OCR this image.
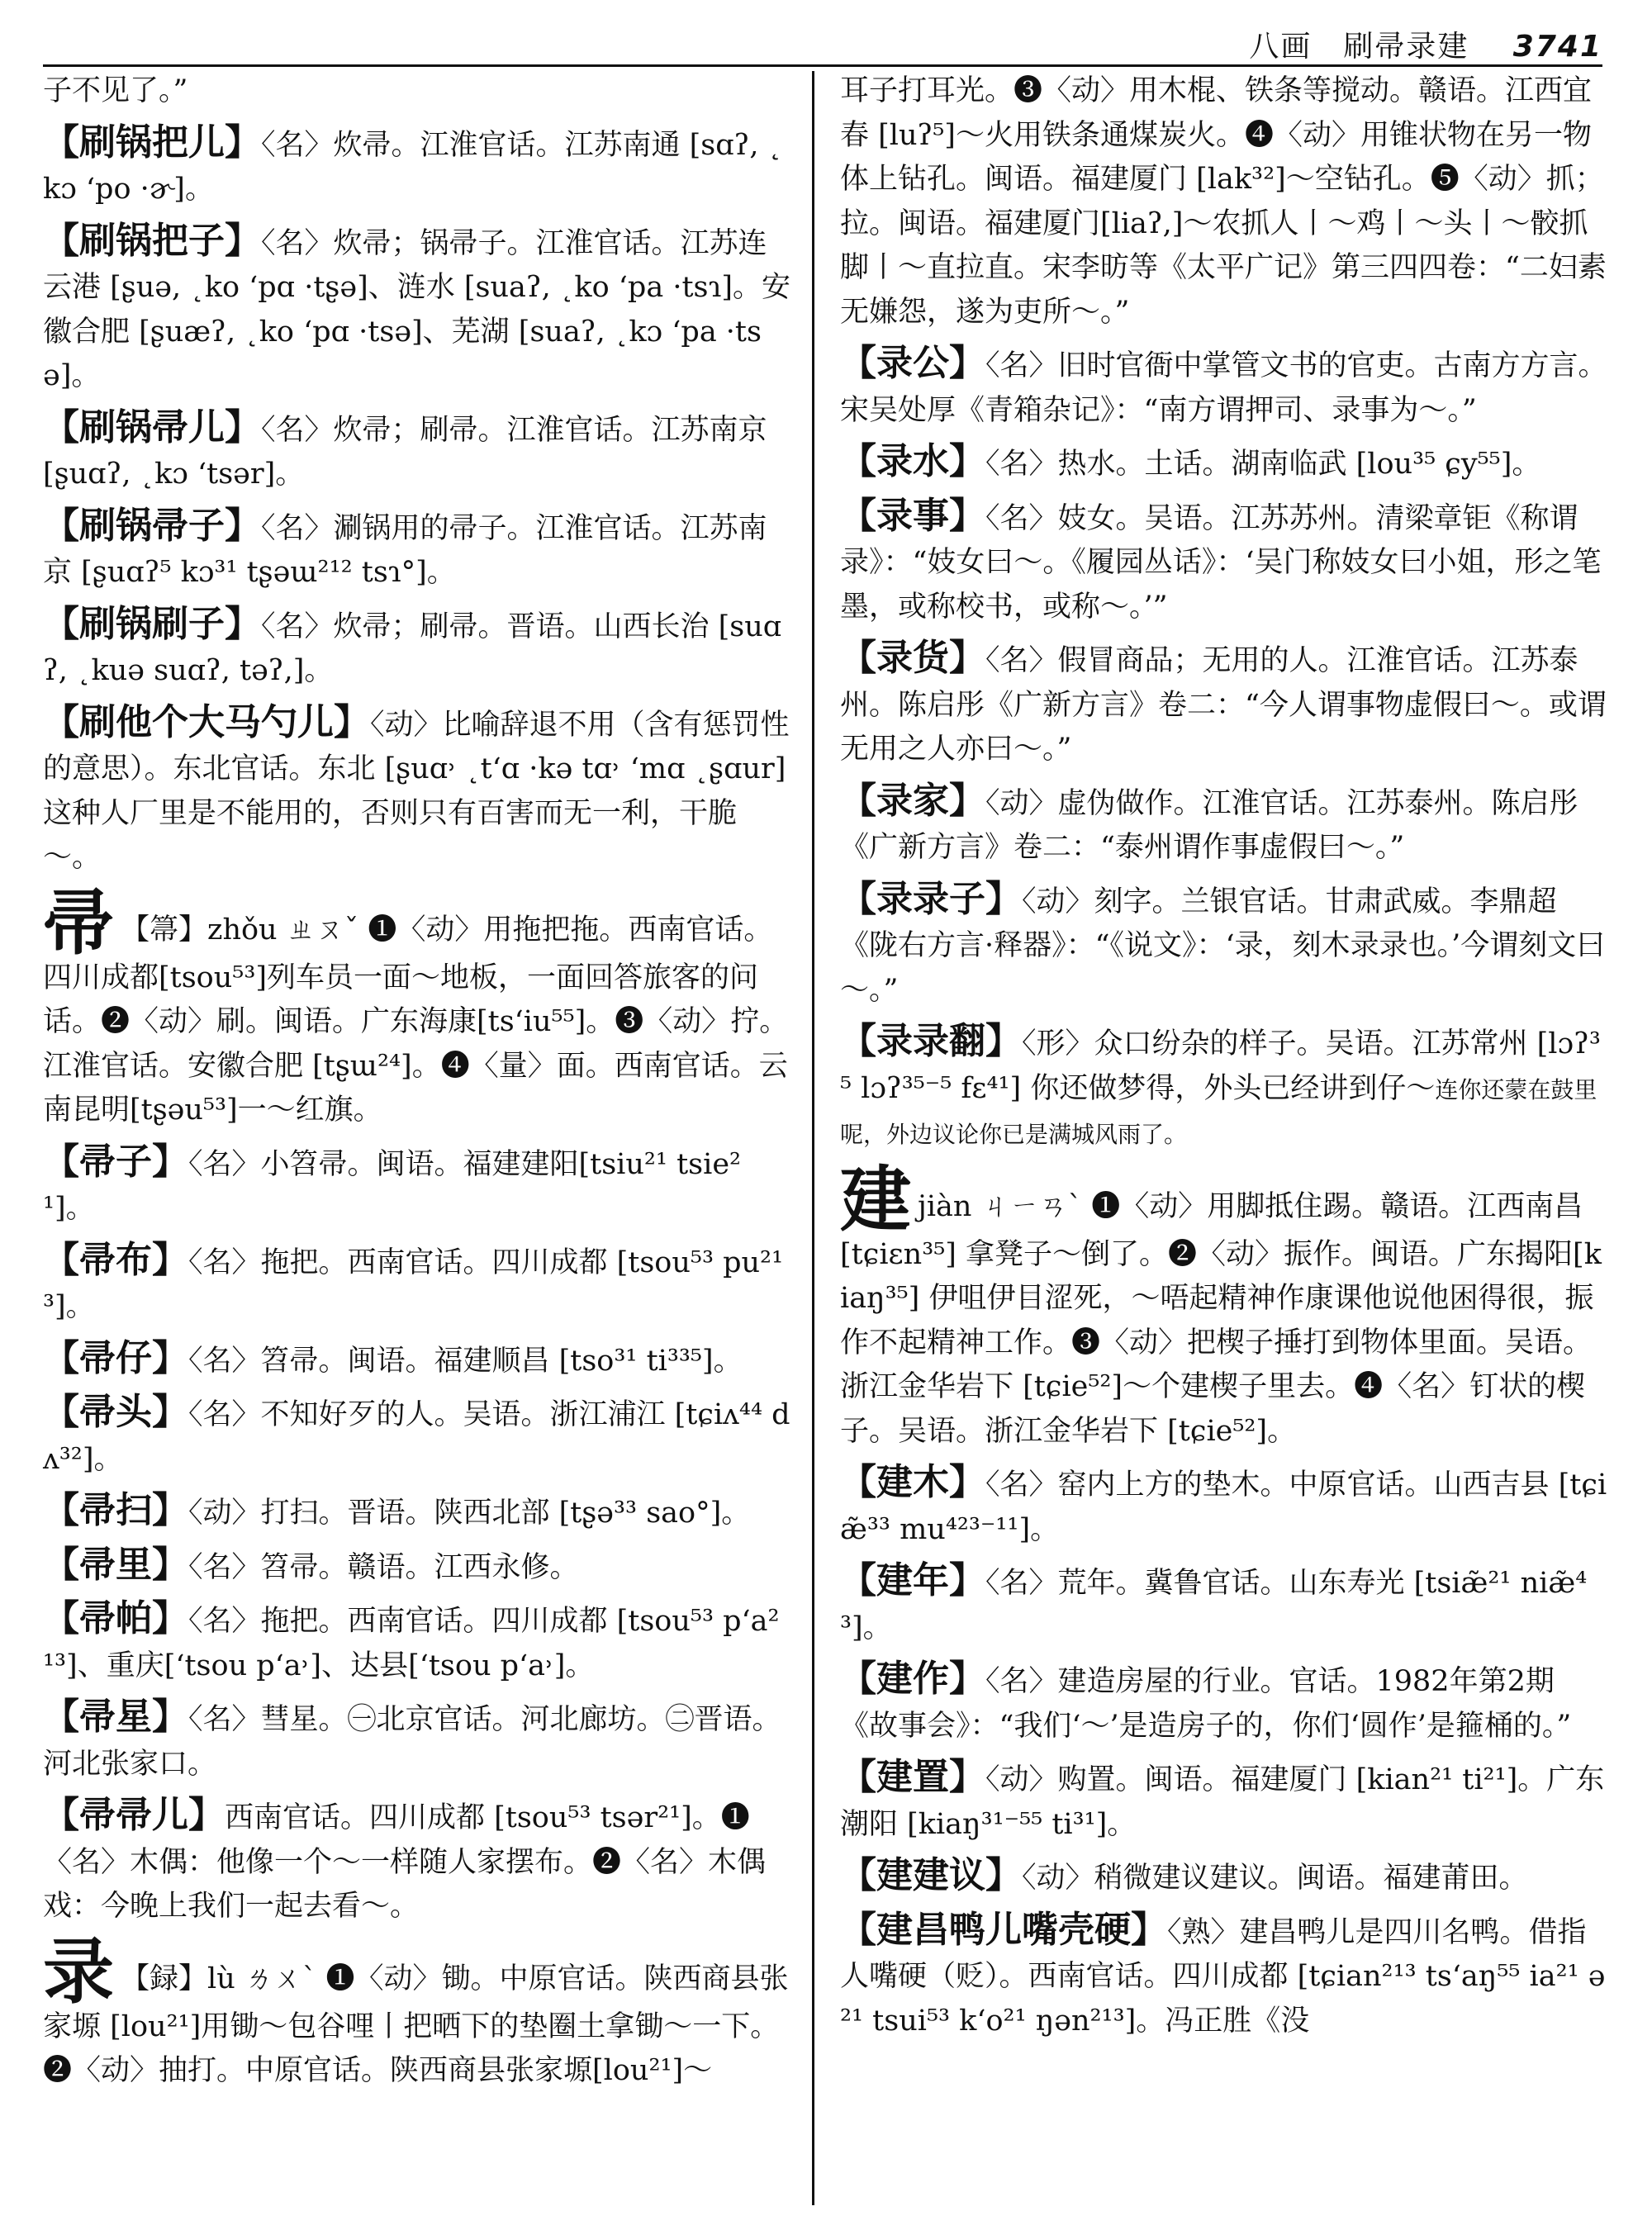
八画　刷帚录建 3741

子不见了。”

【刷锅把儿】〈名〉炊帚。江淮官话。江苏南通 [sɑʔ, ˛kɔ ʻpo ·ɚ]。

【刷锅把子】〈名〉炊帚；锅帚子。江淮官话。江苏连云港 [ʂuə, ˛ko ʻpɑ ·tʂə]、涟水 [suaʔ, ˛ko ʻpa ·tsɿ]。安徽合肥 [ʂuæʔ, ˛ko ʻpɑ ·tsə]、芜湖 [suaʔ, ˛kɔ ʻpa ·tsə]。

【刷锅帚儿】〈名〉炊帚；刷帚。江淮官话。江苏南京 [ʂuɑʔ, ˛kɔ ʻtsər]。

【刷锅帚子】〈名〉涮锅用的帚子。江淮官话。江苏南京 [ʂuɑʔ⁵ kɔ³¹ tʂəɯ²¹² tsɿ°]。

【刷锅刷子】〈名〉炊帚；刷帚。晋语。山西长治 [suɑʔ, ˛kuə suɑʔ, təʔ,]。

【刷他个大马勺儿】〈动〉比喻辞退不用（含有惩罚性的意思）。东北官话。东北 [ʂuɑ˒ ˛tʻɑ ·kə tɑ˒ ʻmɑ ˛ʂɑur] 这种人厂里是不能用的，否则只有百害而无一利，干脆～。

帚 【箒】zhǒu ㄓㄡˇ ❶〈动〉用拖把拖。西南官话。四川成都[tsou⁵³]列车员一面～地板，一面回答旅客的问话。❷〈动〉刷。闽语。广东海康[tsʻiu⁵⁵]。❸〈动〉拧。江淮官话。安徽合肥 [tʂɯ²⁴]。❹〈量〉面。西南官话。云南昆明[tʂəu⁵³]一～红旗。

【帚子】〈名〉小笤帚。闽语。福建建阳[tsiu²¹ tsie²¹]。

【帚布】〈名〉拖把。西南官话。四川成都 [tsou⁵³ pu²¹³]。

【帚仔】〈名〉笤帚。闽语。福建顺昌 [tso³¹ ti³³⁵]。

【帚头】〈名〉不知好歹的人。吴语。浙江浦江 [tɕiʌ⁴⁴ dʌ³²]。

【帚扫】〈动〉打扫。晋语。陕西北部 [tʂə³³ sao°]。

【帚里】〈名〉笤帚。赣语。江西永修。

【帚帕】〈名〉拖把。西南官话。四川成都 [tsou⁵³ pʻa²¹³]、重庆[ʻtsou pʻa˒]、达县[ʻtsou pʻa˒]。

【帚星】〈名〉彗星。㊀北京官话。河北廊坊。㊁晋语。河北张家口。

【帚帚儿】西南官话。四川成都 [tsou⁵³ tsər²¹]。❶〈名〉木偶：他像一个～一样随人家摆布。❷〈名〉木偶戏：今晚上我们一起去看～。

录 【録】lù ㄌㄨˋ ❶〈动〉锄。中原官话。陕西商县张家塬 [lou²¹]用锄～包谷哩丨把晒下的垫圈土拿锄～一下。❷〈动〉抽打。中原官话。陕西商县张家塬[lou²¹]～

耳子打耳光。❸〈动〉用木棍、铁条等搅动。赣语。江西宜春 [luʔ⁵]～火用铁条通煤炭火。❹〈动〉用锥状物在另一物体上钻孔。闽语。福建厦门 [lak³²]～空钻孔。❺〈动〉抓；拉。闽语。福建厦门[liaʔ,]～农抓人丨～鸡丨～头丨～骹抓脚丨～直拉直。宋李昉等《太平广记》第三四四卷：“二妇素无嫌怨，遂为吏所～。”

【录公】〈名〉旧时官衙中掌管文书的官吏。古南方方言。宋吴处厚《青箱杂记》：“南方谓押司、录事为～。”

【录水】〈名〉热水。土话。湖南临武 [lou³⁵ ɕy⁵⁵]。

【录事】〈名〉妓女。吴语。江苏苏州。清梁章钜《称谓录》：“妓女曰～。《履园丛话》：‘吴门称妓女曰小姐，形之笔墨，或称校书，或称～。’”

【录货】〈名〉假冒商品；无用的人。江淮官话。江苏泰州。陈启彤《广新方言》卷二：“今人谓事物虚假曰～。或谓无用之人亦曰～。”

【录家】〈动〉虚伪做作。江淮官话。江苏泰州。陈启彤《广新方言》卷二：“泰州谓作事虚假曰～。”

【录录子】〈动〉刻字。兰银官话。甘肃武威。李鼎超《陇右方言·释器》：“《说文》：‘录，刻木录录也。’今谓刻文曰～。”

【录录翻】〈形〉众口纷杂的样子。吴语。江苏常州 [lɔʔ³⁵ lɔʔ³⁵⁻⁵ fɛ⁴¹] 你还做梦得，外头已经讲到仔～连你还蒙在鼓里呢，外边议论你已是满城风雨了。

建jiàn ㄐㄧㄢˋ ❶〈动〉用脚抵住踢。赣语。江西南昌 [tɕiɛn³⁵] 拿凳子～倒了。❷〈动〉振作。闽语。广东揭阳[kiaŋ³⁵] 伊咀伊目涩死，～唔起精神作康课他说他困得很，振作不起精神工作。❸〈动〉把楔子捶打到物体里面。吴语。浙江金华岩下 [tɕie⁵²]～个建楔子里去。❹〈名〉钉状的楔子。吴语。浙江金华岩下 [tɕie⁵²]。

【建木】〈名〉窑内上方的垫木。中原官话。山西吉县 [tɕiæ̃³³ mu⁴²³⁻¹¹]。

【建年】〈名〉荒年。冀鲁官话。山东寿光 [tsiæ̃²¹ niæ̃⁴³]。

【建作】〈名〉建造房屋的行业。官话。1982年第2期《故事会》：“我们‘～’是造房子的，你们‘圆作’是箍桶的。”

【建置】〈动〉购置。闽语。福建厦门 [kian²¹ ti²¹]。广东潮阳 [kiaŋ³¹⁻⁵⁵ ti³¹]。

【建建议】〈动〉稍微建议建议。闽语。福建莆田。

【建昌鸭儿嘴壳硬】〈熟〉建昌鸭儿是四川名鸭。借指人嘴硬（贬）。西南官话。四川成都 [tɕian²¹³ tsʻaŋ⁵⁵ ia²¹ ə²¹ tsui⁵³ kʻo²¹ ŋən²¹³]。冯正胜《没
